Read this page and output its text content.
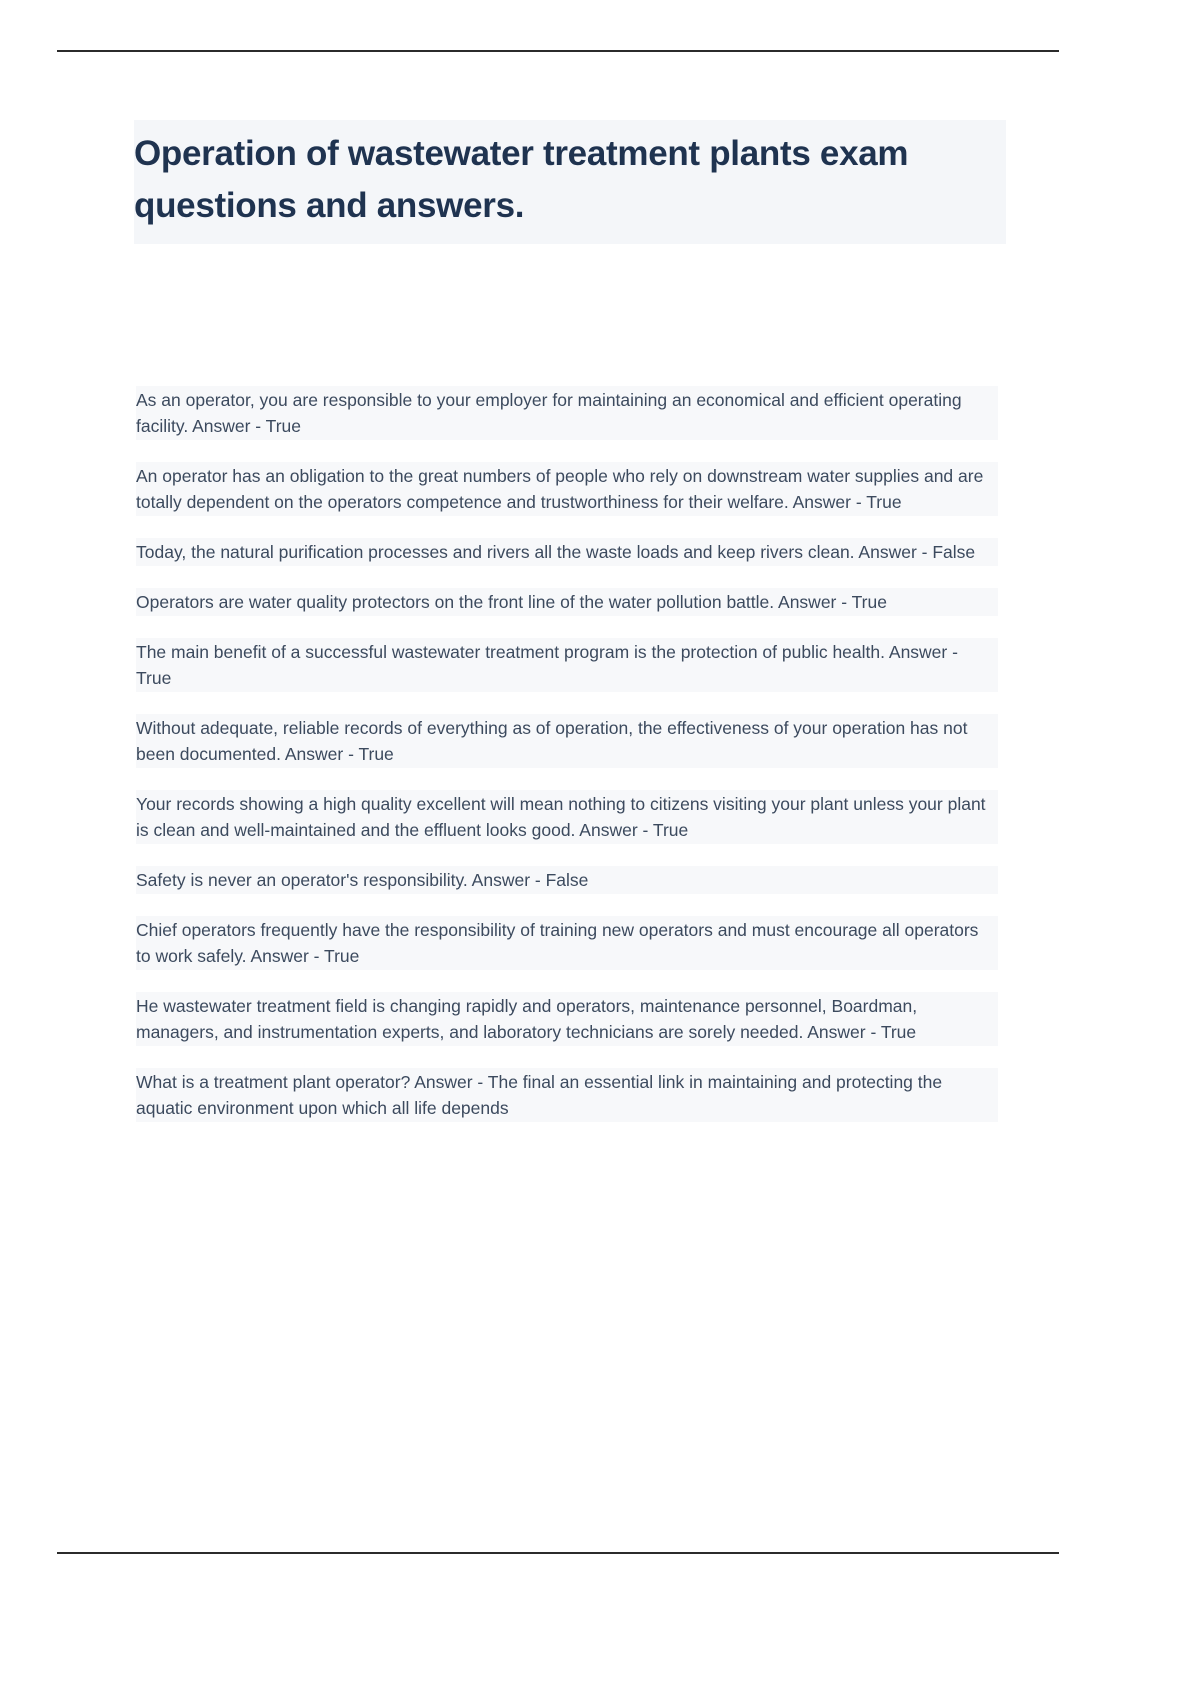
Operation of wastewater treatment plants exam questions and answers.

As an operator, you are responsible to your employer for maintaining an economical and efficient operating facility. Answer - True

An operator has an obligation to the great numbers of people who rely on downstream water supplies and are totally dependent on the operators competence and trustworthiness for their welfare. Answer - True

Today, the natural purification processes and rivers all the waste loads and keep rivers clean. Answer - False

Operators are water quality protectors on the front line of the water pollution battle. Answer - True

The main benefit of a successful wastewater treatment program is the protection of public health. Answer - True

Without adequate, reliable records of everything as of operation, the effectiveness of your operation has not been documented. Answer - True

Your records showing a high quality excellent will mean nothing to citizens visiting your plant unless your plant is clean and well-maintained and the effluent looks good. Answer - True

Safety is never an operator's responsibility. Answer - False

Chief operators frequently have the responsibility of training new operators and must encourage all operators to work safely. Answer - True

He wastewater treatment field is changing rapidly and operators, maintenance personnel, Boardman, managers, and instrumentation experts, and laboratory technicians are sorely needed. Answer - True

What is a treatment plant operator? Answer - The final an essential link in maintaining and protecting the aquatic environment upon which all life depends
